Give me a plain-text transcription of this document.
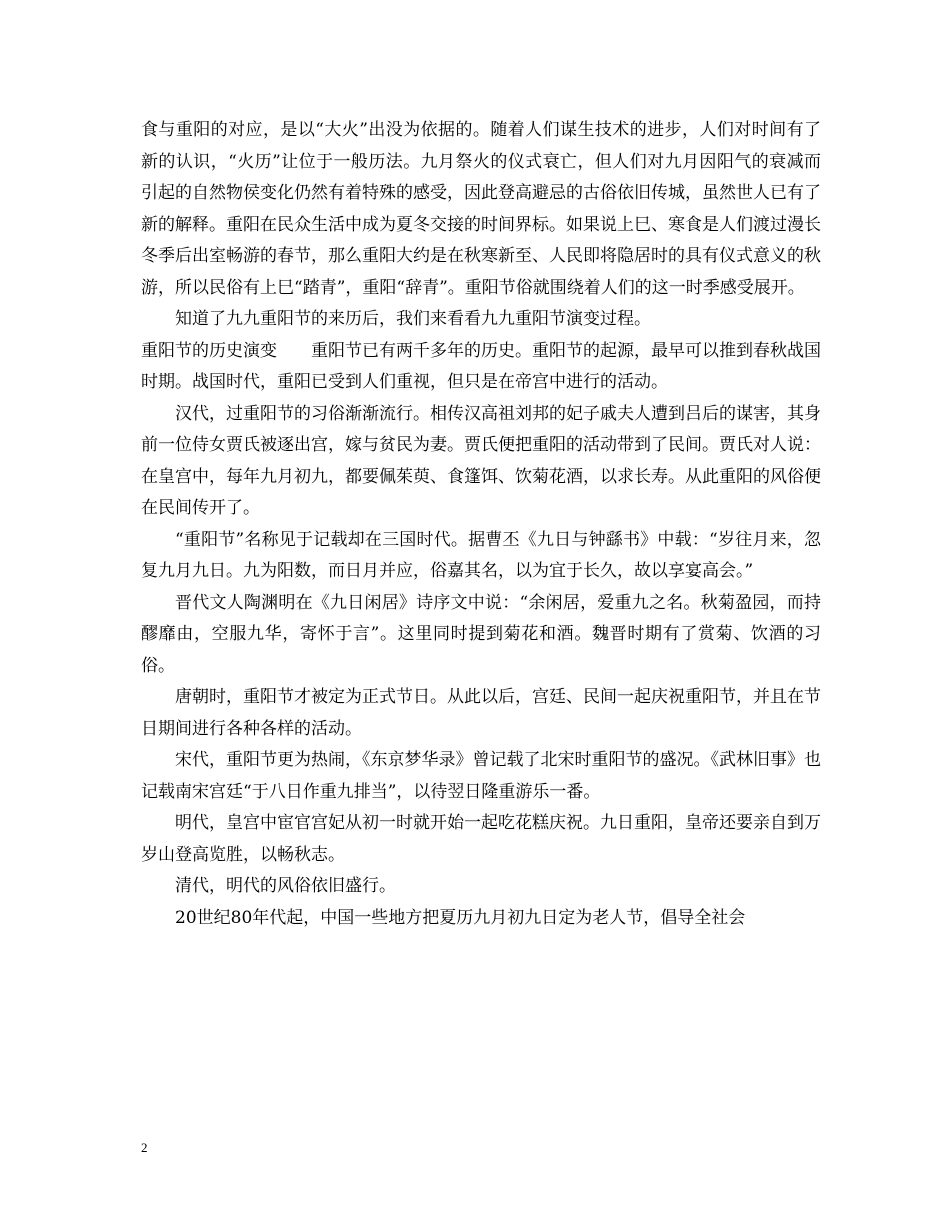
食与重阳的对应，是以“大火”出没为依据的。随着人们谋生技术的进步，人们对时间有了新的认识，“火历”让位于一般历法。九月祭火的仪式衰亡，但人们对九月因阳气的衰减而引起的自然物侯变化仍然有着特殊的感受，因此登高避忌的古俗依旧传城，虽然世人已有了新的解释。重阳在民众生活中成为夏冬交接的时间界标。如果说上巳、寒食是人们渡过漫长冬季后出室畅游的春节，那么重阳大约是在秋寒新至、人民即将隐居时的具有仪式意义的秋游，所以民俗有上巳“踏青”，重阳“辞青”。重阳节俗就围绕着人们的这一时季感受展开。

知道了九九重阳节的来历后，我们来看看九九重阳节演变过程。

重阳节的历史演变　　重阳节已有两千多年的历史。重阳节的起源，最早可以推到春秋战国时期。战国时代，重阳已受到人们重视，但只是在帝宫中进行的活动。

汉代，过重阳节的习俗渐渐流行。相传汉高祖刘邦的妃子戚夫人遭到吕后的谋害，其身前一位侍女贾氏被逐出宫，嫁与贫民为妻。贾氏便把重阳的活动带到了民间。贾氏对人说：在皇宫中，每年九月初九，都要佩茱萸、食篷饵、饮菊花酒，以求长寿。从此重阳的风俗便在民间传开了。

“重阳节”名称见于记载却在三国时代。据曹丕《九日与钟繇书》中载：“岁往月来，忽复九月九日。九为阳数，而日月并应，俗嘉其名，以为宜于长久，故以享宴高会。”

晋代文人陶渊明在《九日闲居》诗序文中说：“余闲居，爱重九之名。秋菊盈园，而持醪靡由，空服九华，寄怀于言”。这里同时提到菊花和酒。魏晋时期有了赏菊、饮酒的习俗。

唐朝时，重阳节才被定为正式节日。从此以后，宫廷、民间一起庆祝重阳节，并且在节日期间进行各种各样的活动。

宋代，重阳节更为热闹，《东京梦华录》曾记载了北宋时重阳节的盛况。《武林旧事》也记载南宋宫廷“于八日作重九排当”，以待翌日隆重游乐一番。

明代，皇宫中宦官宫妃从初一时就开始一起吃花糕庆祝。九日重阳，皇帝还要亲自到万岁山登高览胜，以畅秋志。

清代，明代的风俗依旧盛行。

20世纪80年代起，中国一些地方把夏历九月初九日定为老人节，倡导全社会

2
